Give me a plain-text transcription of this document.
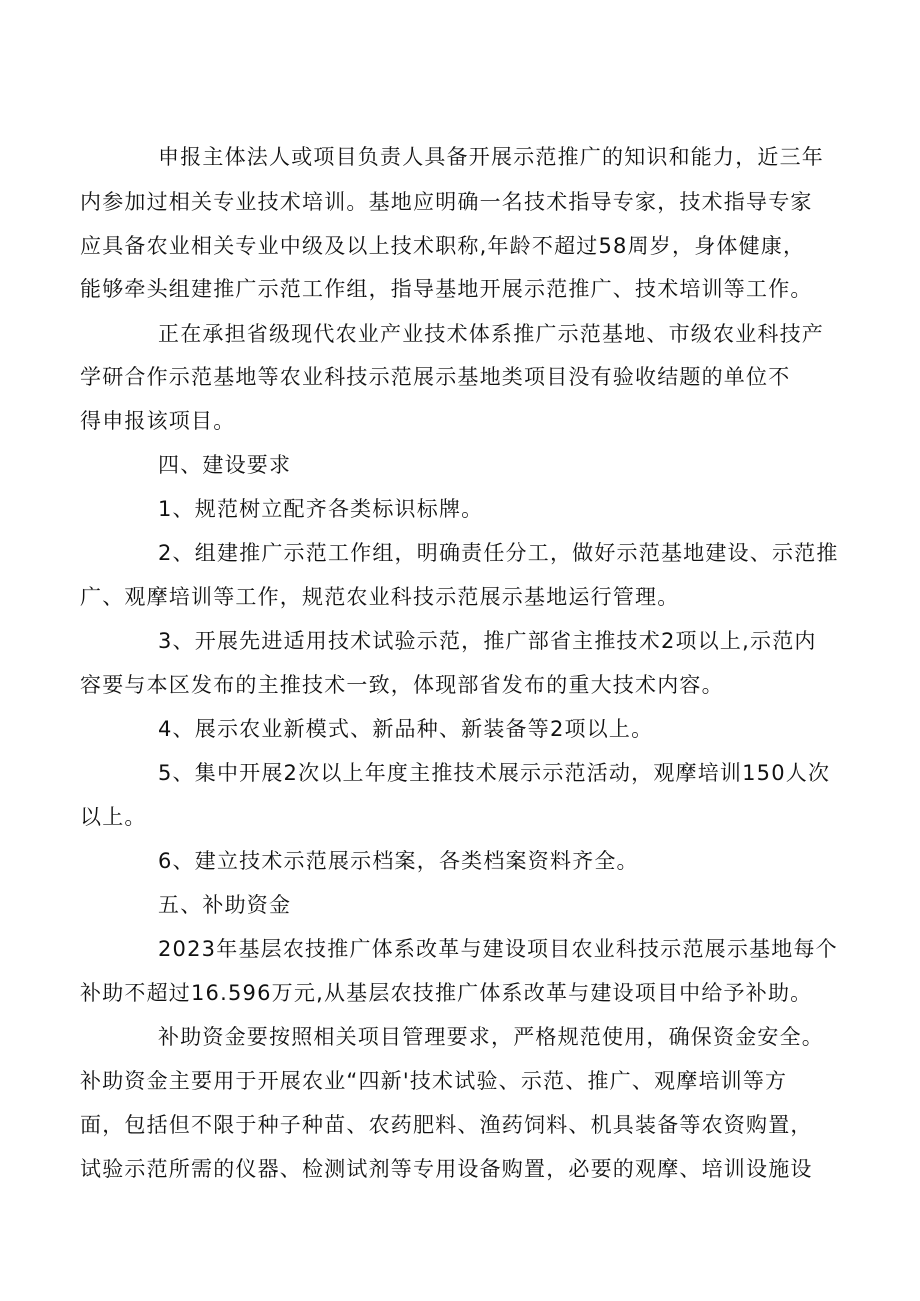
申报主体法人或项目负责人具备开展示范推广的知识和能力，近三年
内参加过相关专业技术培训。基地应明确一名技术指导专家，技术指导专家
应具备农业相关专业中级及以上技术职称,年龄不超过58周岁，身体健康，
能够牵头组建推广示范工作组，指导基地开展示范推广、技术培训等工作。
正在承担省级现代农业产业技术体系推广示范基地、市级农业科技产
学研合作示范基地等农业科技示范展示基地类项目没有验收结题的单位不
得申报该项目。
四、建设要求
1、规范树立配齐各类标识标牌。
2、组建推广示范工作组，明确责任分工，做好示范基地建设、示范推
广、观摩培训等工作，规范农业科技示范展示基地运行管理。
3、开展先进适用技术试验示范，推广部省主推技术2项以上,示范内
容要与本区发布的主推技术一致，体现部省发布的重大技术内容。
4、展示农业新模式、新品种、新装备等2项以上。
5、集中开展2次以上年度主推技术展示示范活动，观摩培训150人次
以上。
6、建立技术示范展示档案，各类档案资料齐全。
五、补助资金
2023年基层农技推广体系改革与建设项目农业科技示范展示基地每个
补助不超过16.596万元,从基层农技推广体系改革与建设项目中给予补助。
补助资金要按照相关项目管理要求，严格规范使用，确保资金安全。
补助资金主要用于开展农业“四新'技术试验、示范、推广、观摩培训等方
面，包括但不限于种子种苗、农药肥料、渔药饲料、机具装备等农资购置，
试验示范所需的仪器、检测试剂等专用设备购置，必要的观摩、培训设施设
